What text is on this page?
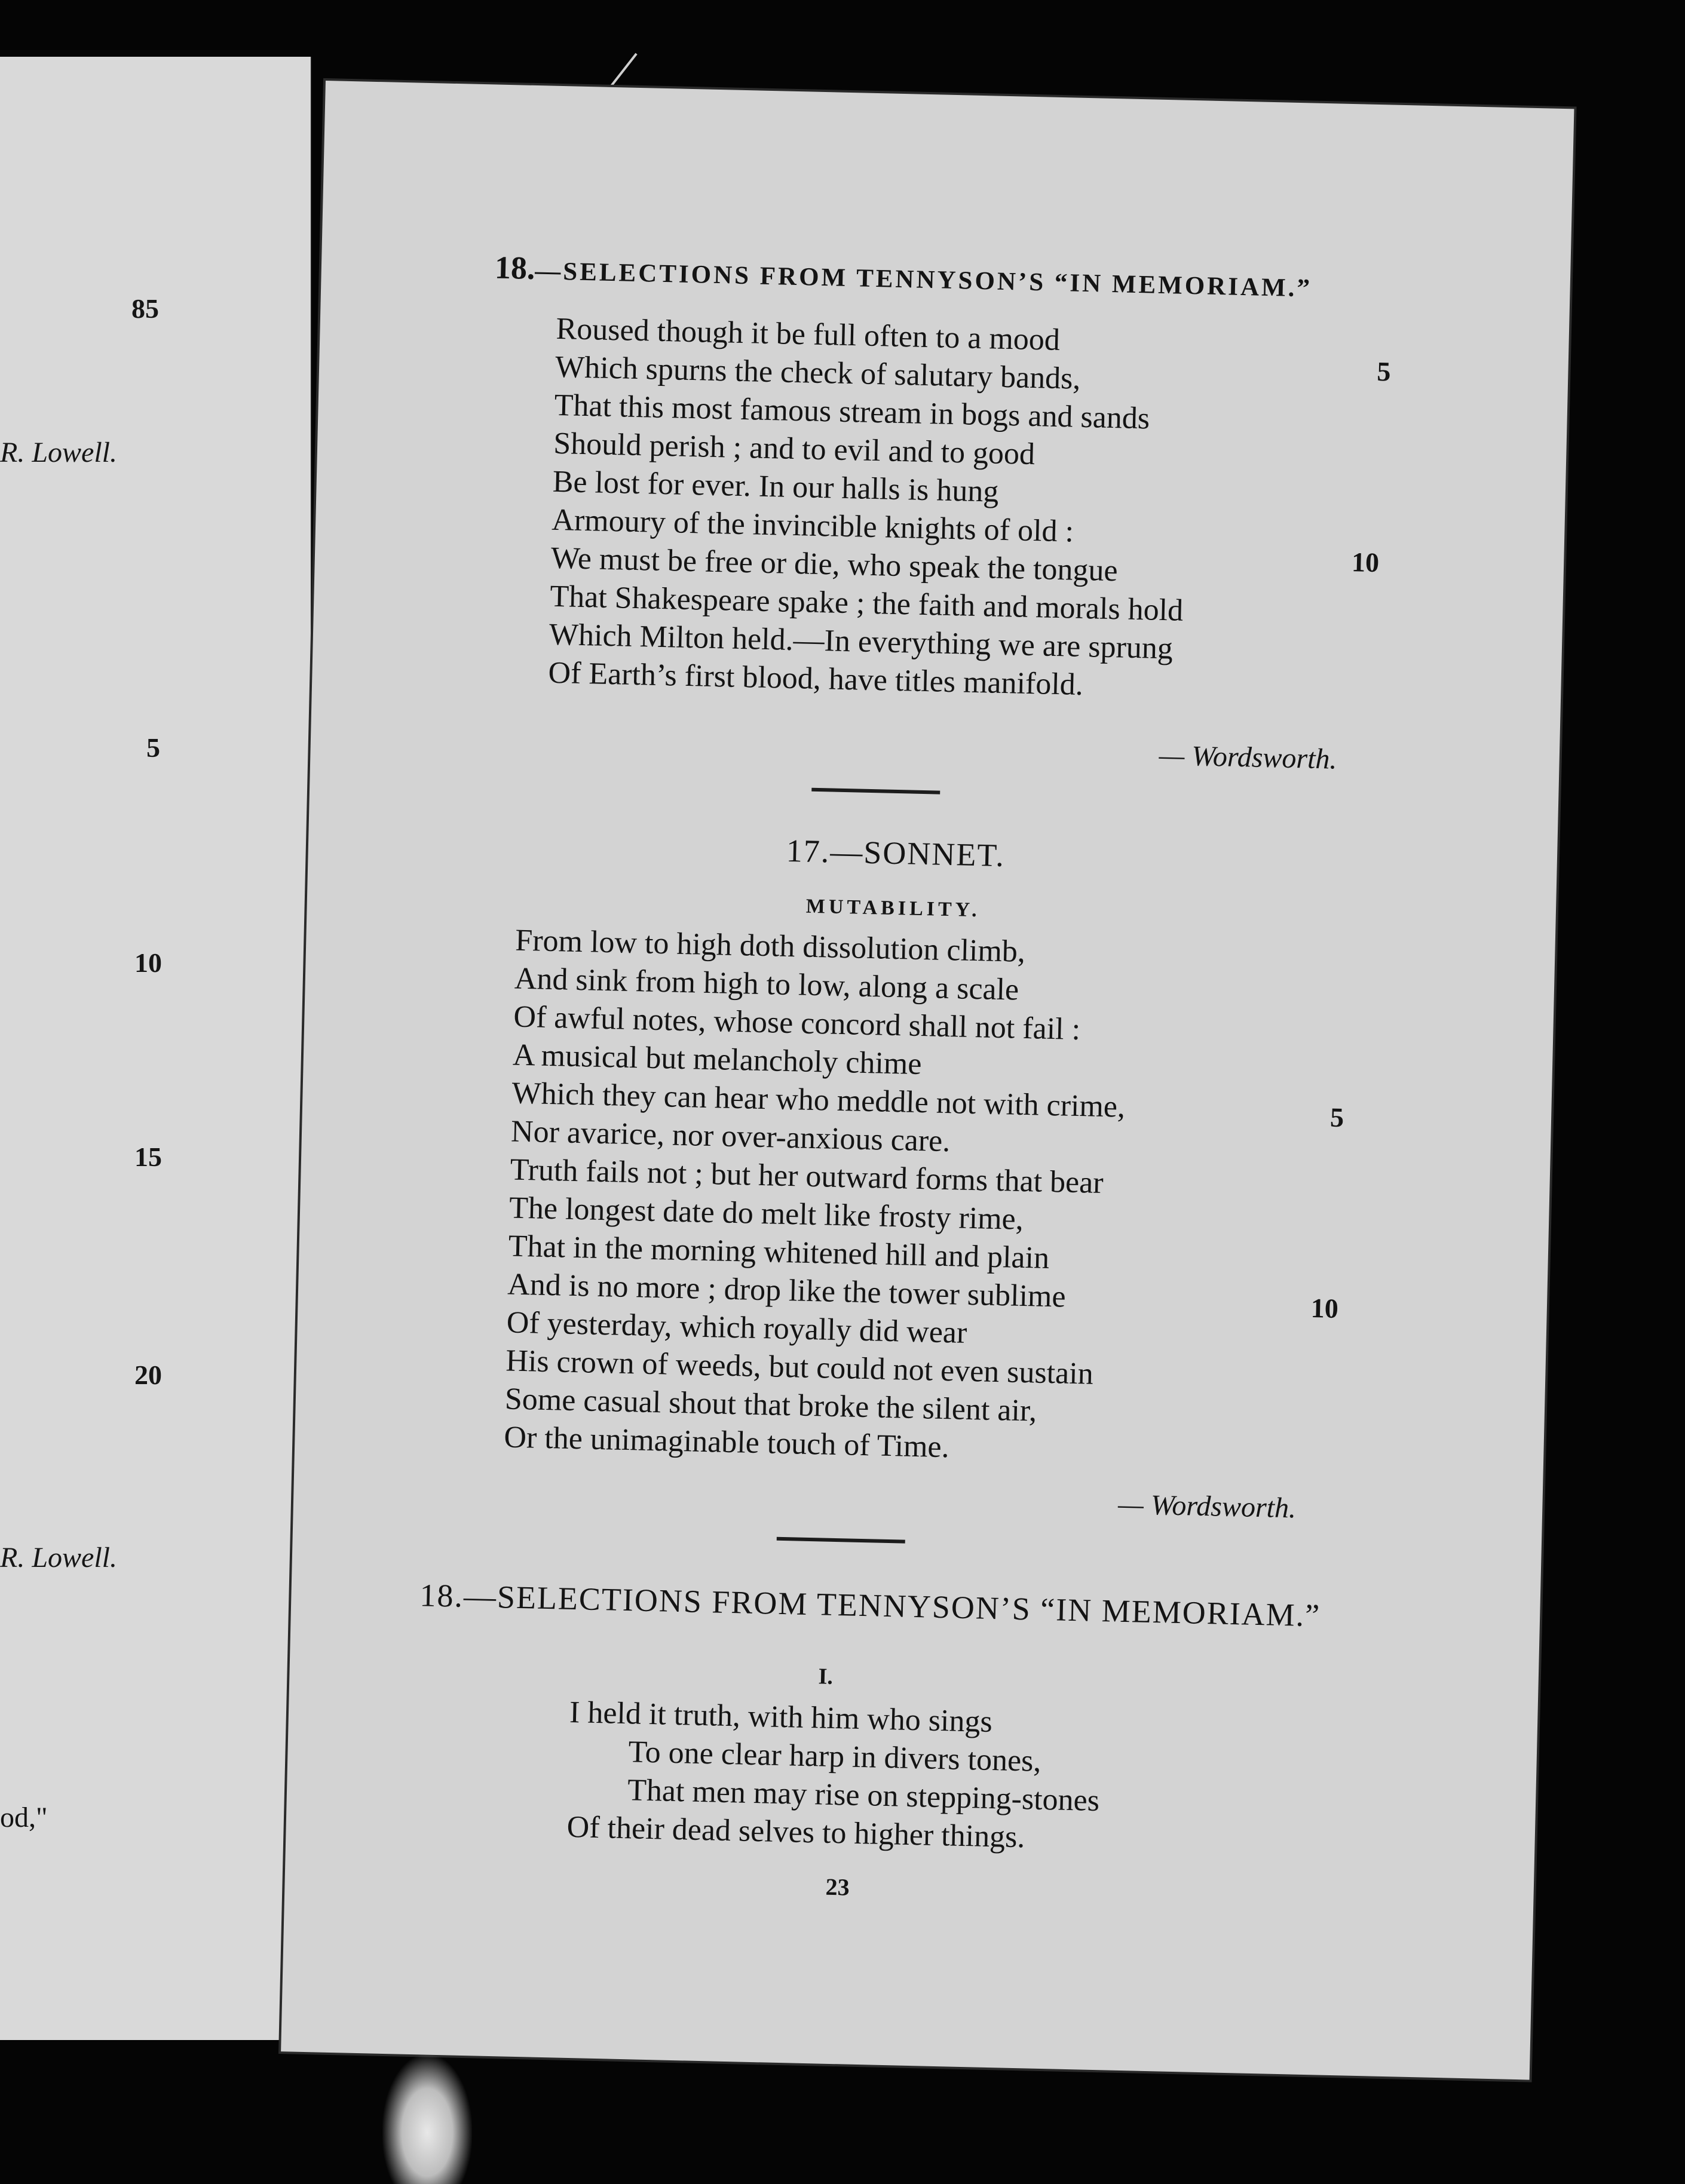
85
R. Lowell.
5
10
15
20
R. Lowell.
od,"
18.—SELECTIONS FROM TENNYSON’S “IN MEMORIAM.”
Roused though it be full often to a mood
Which spurns the check of salutary bands,
That this most famous stream in bogs and sands
Should perish ; and to evil and to good
Be lost for ever. In our halls is hung
Armoury of the invincible knights of old :
We must be free or die, who speak the tongue
That Shakespeare spake ; the faith and morals hold
Which Milton held.—In everything we are sprung
Of Earth’s first blood, have titles manifold.
5
10
— Wordsworth.
17.—SONNET.
MUTABILITY.
From low to high doth dissolution climb,
And sink from high to low, along a scale
Of awful notes, whose concord shall not fail :
A musical but melancholy chime
Which they can hear who meddle not with crime,
Nor avarice, nor over-anxious care.
Truth fails not ; but her outward forms that bear
The longest date do melt like frosty rime,
That in the morning whitened hill and plain
And is no more ; drop like the tower sublime
Of yesterday, which royally did wear
His crown of weeds, but could not even sustain
Some casual shout that broke the silent air,
Or the unimaginable touch of Time.
5
10
— Wordsworth.
18.—SELECTIONS FROM TENNYSON’S “IN MEMORIAM.”
I.
I held it truth, with him who sings
To one clear harp in divers tones,
That men may rise on stepping-stones
Of their dead selves to higher things.
23
